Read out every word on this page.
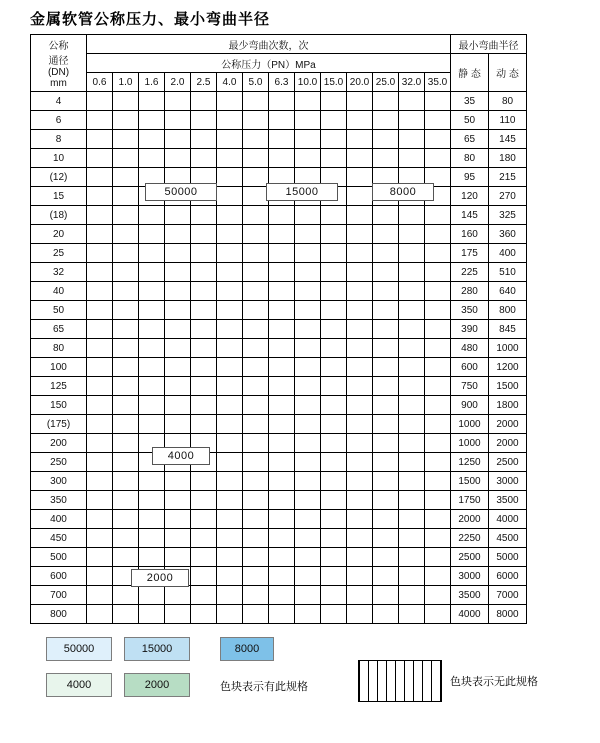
金属软管公称压力、最小弯曲半径
公称
通径
(DN)
mm	最少弯曲次数，次														最小弯曲半径	
	公称压力（PN）MPa														静 态	动 态
	0.6	1.0	1.6	2.0	2.5	4.0	5.0	6.3	10.0	15.0	20.0	25.0	32.0	35.0		
4															35	80
6															50	110
8															65	145
10															80	180
(12)															95	215
15															120	270
(18)															145	325
20															160	360
25															175	400
32															225	510
40															280	640
50															350	800
65															390	845
80															480	1000
100															600	1200
125															750	1500
150															900	1800
(175)															1000	2000
200															1000	2000
250															1250	2500
300															1500	3000
350															1750	3500
400															2000	4000
450															2250	4500
500															2500	5000
600															3000	6000
700															3500	7000
800															4000	8000
50000	15000	8000
4000
2000
50000	15000	8000
4000	2000	色块表示无此规格
色块表示有此规格
